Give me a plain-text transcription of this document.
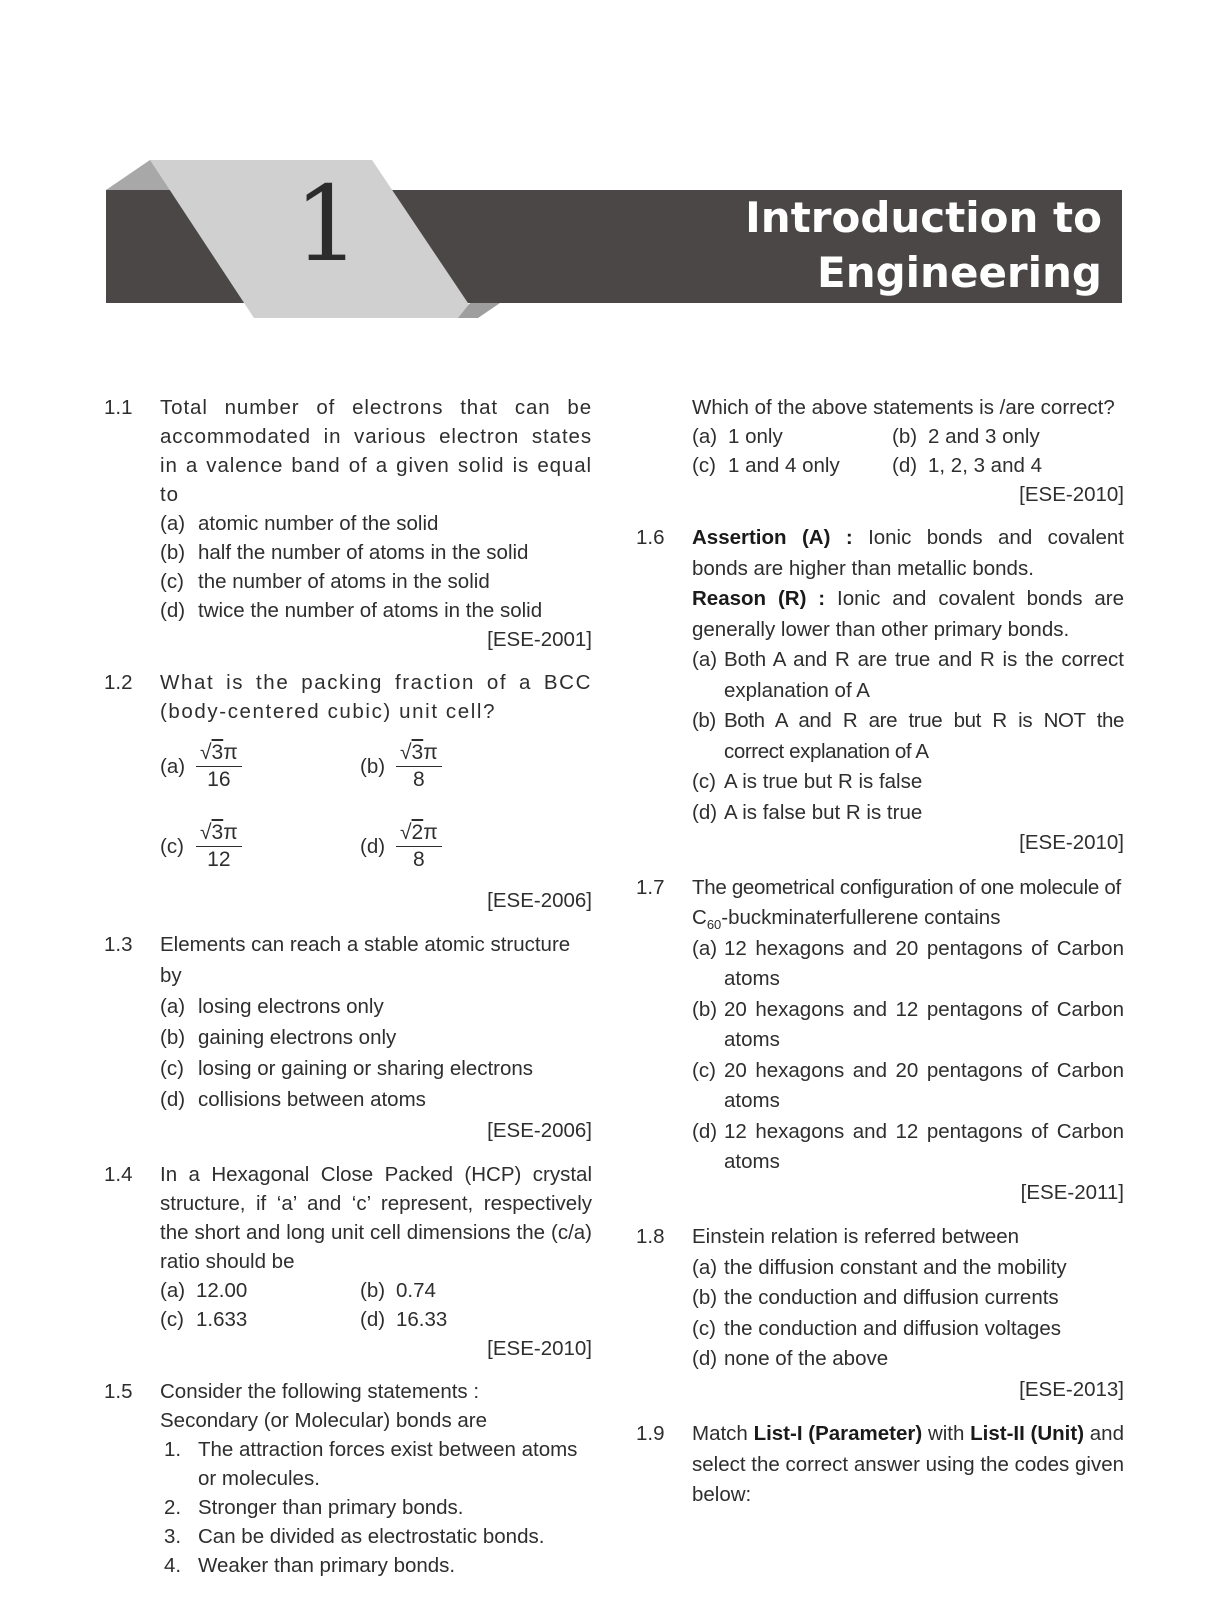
1	Introduction to Engineering
Materials
1.1	Total number of electrons that can be accommodated in various electron states in a valence band of a given solid is equal to
(a) atomic number of the solid
(b) half the number of atoms in the solid
(c) the number of atoms in the solid
(d) twice the number of atoms in the solid
[ESE-2001]
1.2	What is the packing fraction of a BCC (body-centered cubic) unit cell?
$(a) \frac{√3\pi}{16}$	$(b) \frac{√3\pi}{8}$
$(c) \frac{√3\pi}{12}$	$(d) \frac{√2\pi}{8}$
[ESE-2006]
1.3	Elements can reach a stable atomic structure by
(a) losing electrons only
(b) gaining electrons only
(c) losing or gaining or sharing electrons
(d) collisions between atoms
[ESE-2006]
1.4	In a Hexagonal Close Packed (HCP) crystal structure, if ‘a’ and ‘c’ represent, respectively the short and long unit cell dimensions the (c/a) ratio should be
(a) 12.00	(b) 0.74
(c) 1.633	(d) 16.33
[ESE-2010]
1.5	Consider the following statements :
Secondary (or Molecular) bonds are
1. The attraction forces exist between atoms or molecules.
2. Stronger than primary bonds.
3. Can be divided as electrostatic bonds.
4. Weaker than primary bonds.
Which of the above statements is /are correct?
(a) 1 only	(b) 2 and 3 only
(c) 1 and 4 only	(d) 1, 2, 3 and 4
[ESE-2010]
1.6	Assertion (A) : Ionic bonds and covalent bonds are higher than metallic bonds.
Reason (R) : Ionic and covalent bonds are generally lower than other primary bonds.
(a) Both A and R are true and R is the correct explanation of A
(b) Both A and R are true but R is NOT the correct explanation of A
(c) A is true but R is false
(d) A is false but R is true
[ESE-2010]
1.7	The geometrical configuration of one molecule of
$C_{60}$-buckminaterfullerene contains
(a) 12 hexagons and 20 pentagons of Carbon atoms
(b) 20 hexagons and 12 pentagons of Carbon atoms
(c) 20 hexagons and 20 pentagons of Carbon atoms
(d) 12 hexagons and 12 pentagons of Carbon atoms
[ESE-2011]
1.8	Einstein relation is referred between
(a) the diffusion constant and the mobility
(b) the conduction and diffusion currents
(c) the conduction and diffusion voltages
(d) none of the above
[ESE-2013]
1.9	Match List-I (Parameter) with List-II (Unit) and select the correct answer using the codes given below:
